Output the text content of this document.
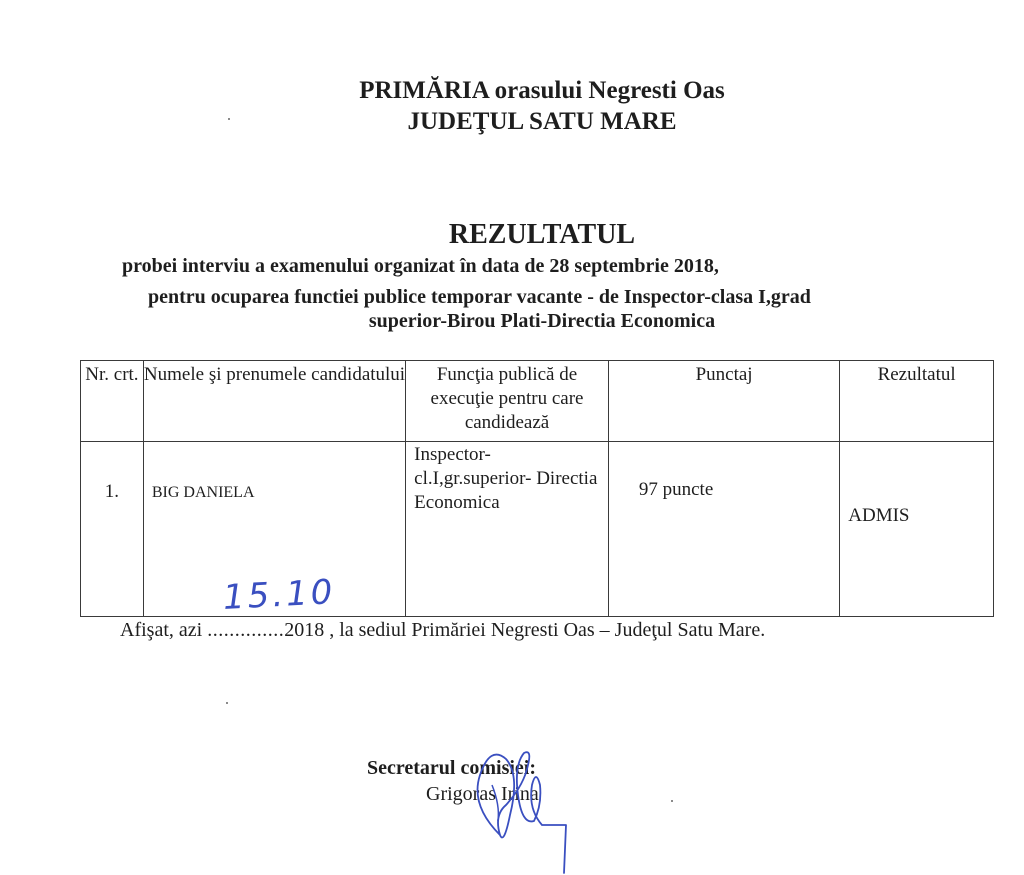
PRIMĂRIA orasului Negresti Oas
JUDEŢUL SATU MARE
REZULTATUL
probei interviu a examenului organizat în data de 28 septembrie 2018,
pentru ocuparea functiei publice temporar vacante - de Inspector-clasa I,grad
superior-Birou Plati-Directia Economica
Nr. crt.	Numele şi prenumele candidatului	Funcţia publică de execuţie pentru care candidează	Punctaj	Rezultatul
1.	BIG DANIELA	Inspector- cl.I,gr.superior- Directia Economica	97 puncte	ADMIS
Afişat, azi ..............2018 , la sediul Primăriei Negresti Oas – Judeţul Satu Mare.
15.10
Secretarul comisiei:
Grigoras Irina
